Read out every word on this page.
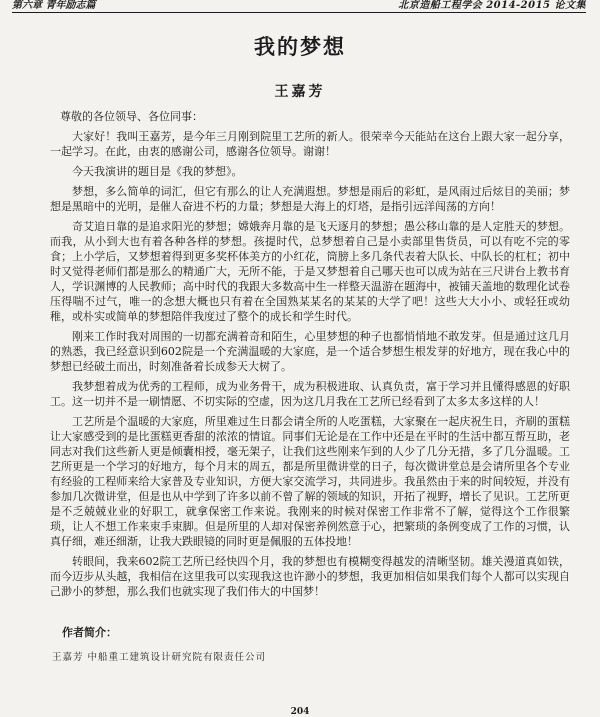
第六章 青年励志篇	北京造船工程学会 2014-2015 论文集
我的梦想
王嘉芳

尊敬的各位领导、各位同事：

大家好！我叫王嘉芳，是今年三月刚到院里工艺所的新人。很荣幸今天能站在这台上跟大家一起分享，一起学习。在此，由衷的感谢公司，感谢各位领导。谢谢！

今天我演讲的题目是《我的梦想》。

梦想，多么简单的词汇，但它有那么的让人充满遐想。梦想是雨后的彩虹，是风雨过后炫目的美丽；梦想是黑暗中的光明，是催人奋进不朽的力量；梦想是大海上的灯塔，是指引远洋闯荡的方向！

奇艾追日靠的是追求阳光的梦想；嫦娥奔月靠的是飞天逐月的梦想；愚公移山靠的是人定胜天的梦想。而我，从小到大也有着各种各样的梦想。孩提时代，总梦想着自己是小卖部里售货员，可以有吃不完的零食；上小学后，又梦想着得到更多奖杯体美方的小红花，筒膀上多几条代表着大队长、中队长的杠杠；初中时又觉得老师们都是那么的精通广大，无所不能，于是又梦想着自己哪天也可以成为站在三尺讲台上教书育人，学识渊博的人民教师；高中时代的我跟大多数高中生一样整天温游在题海中，被铺天盖地的数理化试卷压得喘不过气，唯一的念想大概也只有着在全国熟某某名的某某的大学了吧！这些大大小小、或轻狂或幼稚，或朴实或简单的梦想陪伴我度过了整个的成长和学生时代。

刚来工作时我对周围的一切都充满着奇和陌生，心里梦想的种子也都悄悄地不敢发芽。但是通过这几月的熟悉，我已经意识到602院是一个充满温暖的大家庭，是一个适合梦想生根发芽的好地方，现在我心中的梦想已经破土而出，时刻准备着长成参天大树了。

我梦想着成为优秀的工程师，成为业务骨干，成为积极进取、认真负责，富于学习并且懂得感恩的好职工。这一切并不是一刷情愿、不切实际的空虚，因为这几月我在工艺所已经看到了太多太多这样的人！

工艺所是个温暖的大家庭，所里难过生日都会请全所的人吃蛋糕，大家聚在一起庆祝生日，齐刷的蛋糕让大家感受到的是比蛋糕更香甜的浓浓的情谊。同事们无论是在工作中还是在平时的生活中都互帮互助，老同志对我们这些新人更是倾囊相授，毫无架子，让我们这些刚来乍到的人少了几分无措，多了几分温暖。工艺所更是一个学习的好地方，每个月末的周五，都是所里微讲堂的日子，每次微讲堂总是会请所里各个专业有经验的工程师来给大家普及专业知识，方便大家交流学习，共同进步。我虽然由于来的时间较短，并没有参加几次微讲堂，但是也从中学到了许多以前不曾了解的领域的知识，开拓了视野，增长了见识。工艺所更是不乏兢兢业业的好职工，就拿保密工作来说。我刚来的时候对保密工作非常不了解，觉得这个工作很繁琐，让人不想工作来束手束脚。但是所里的人却对保密养例然意于心，把繁琐的条例变成了工作的习惯，认真仔细，难还细渐，让我大跌眼镜的同时更是佩服的五体投地！

转眼间，我来602院工艺所已经快四个月，我的梦想也有模糊变得越发的清晰坚韧。雄关漫道真如铁，而今迈步从头越，我相信在这里我可以实现我这也许渺小的梦想，我更加相信如果我们每个人都可以实现自己渺小的梦想，那么我们也就实现了我们伟大的中国梦！

作者简介：
王嘉芳 中船重工建筑设计研究院有限责任公司
204
